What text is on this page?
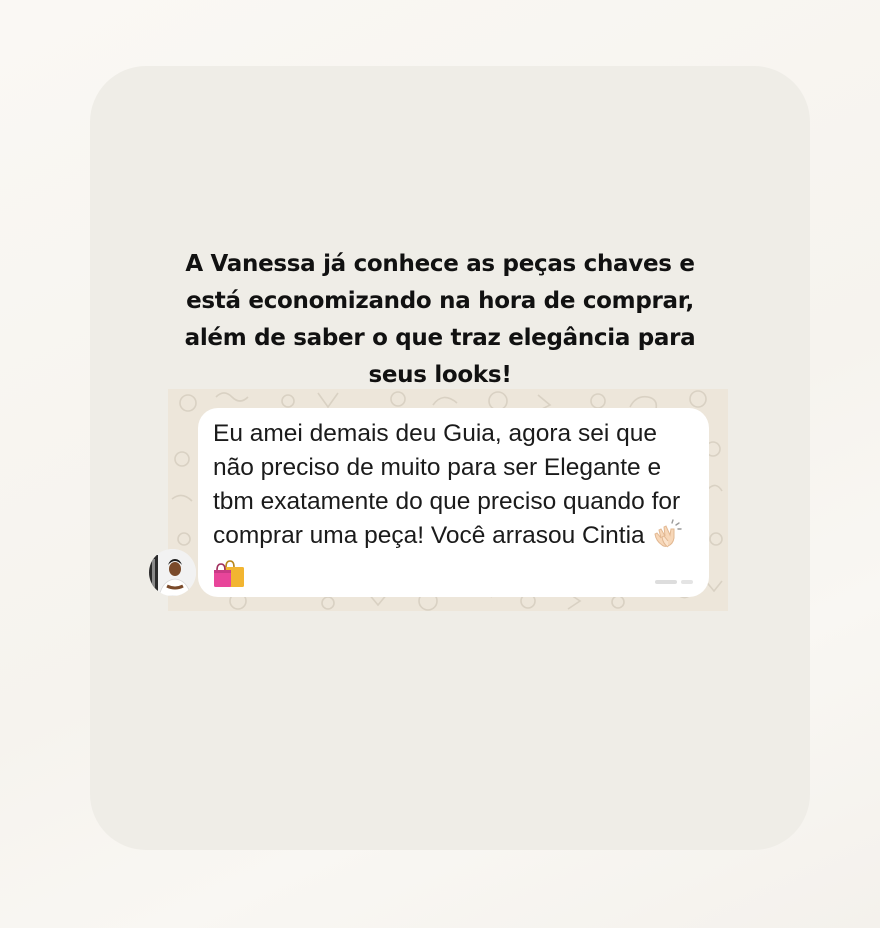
A Vanessa já conhece as peças chaves e está economizando na hora de comprar, além de saber o que traz elegância para seus looks!

Eu amei demais deu Guia, agora sei que não preciso de muito para ser Elegante e tbm exatamente do que preciso quando for comprar uma peça! Você arrasou Cintia
